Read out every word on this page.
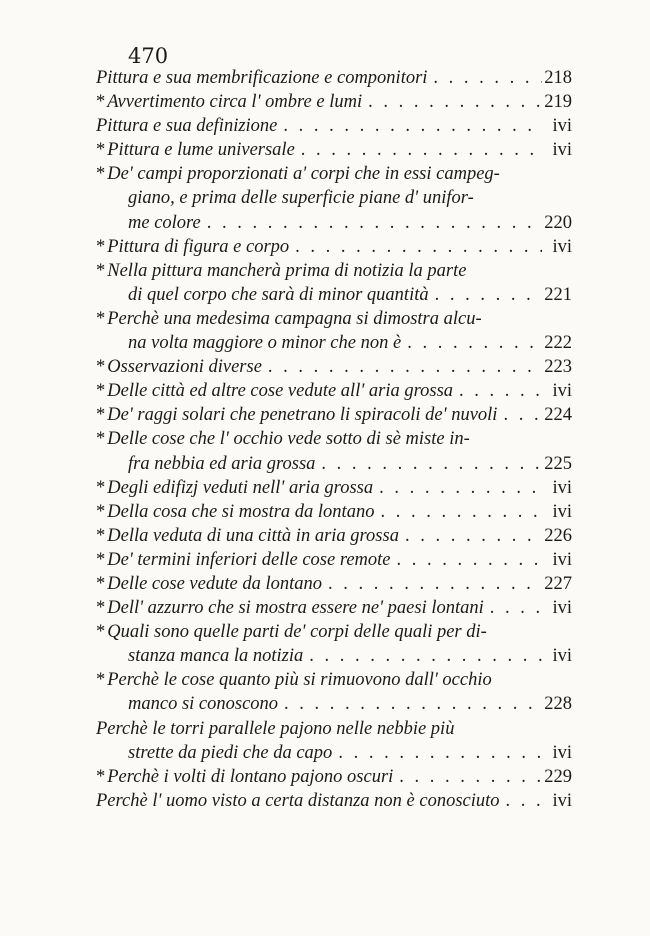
470
Pittura e sua membrificazione e componitori . . .	218
* Avvertimento circa l' ombre e lumi . . .	219
Pittura e sua definizione . . .	ivi
* Pittura e lume universale . . .	ivi
* De' campi proporzionati a' corpi che in essi campeg-
giano, e prima delle superficie piane d' unifor-
me colore . . .	220
* Pittura di figura e corpo . . .	ivi
* Nella pittura mancherà prima di notizia la parte
di quel corpo che sarà di minor quantità . . .	221
* Perchè una medesima campagna si dimostra alcu-
na volta maggiore o minor che non è . . .	222
* Osservazioni diverse . . .	223
* Delle città ed altre cose vedute all' aria grossa . . .	ivi
* De' raggi solari che penetrano li spiracoli de' nuvoli . . .	224
* Delle cose che l' occhio vede sotto di sè miste in-
fra nebbia ed aria grossa . . .	225
* Degli edifizj veduti nell' aria grossa . . .	ivi
* Della cosa che si mostra da lontano . . .	ivi
* Della veduta di una città in aria grossa . . .	226
* De' termini inferiori delle cose remote . . .	ivi
* Delle cose vedute da lontano . . .	227
* Dell' azzurro che si mostra essere ne' paesi lontani . . .	ivi
* Quali sono quelle parti de' corpi delle quali per di-
stanza manca la notizia . . .	ivi
* Perchè le cose quanto più si rimuovono dall' occhio
manco si conoscono . . .	228
Perchè le torri parallele pajono nelle nebbie più
strette da piedi che da capo . . .	ivi
* Perchè i volti di lontano pajono oscuri . . .	229
Perchè l' uomo visto a certa distanza non è conosciuto . . .	ivi
